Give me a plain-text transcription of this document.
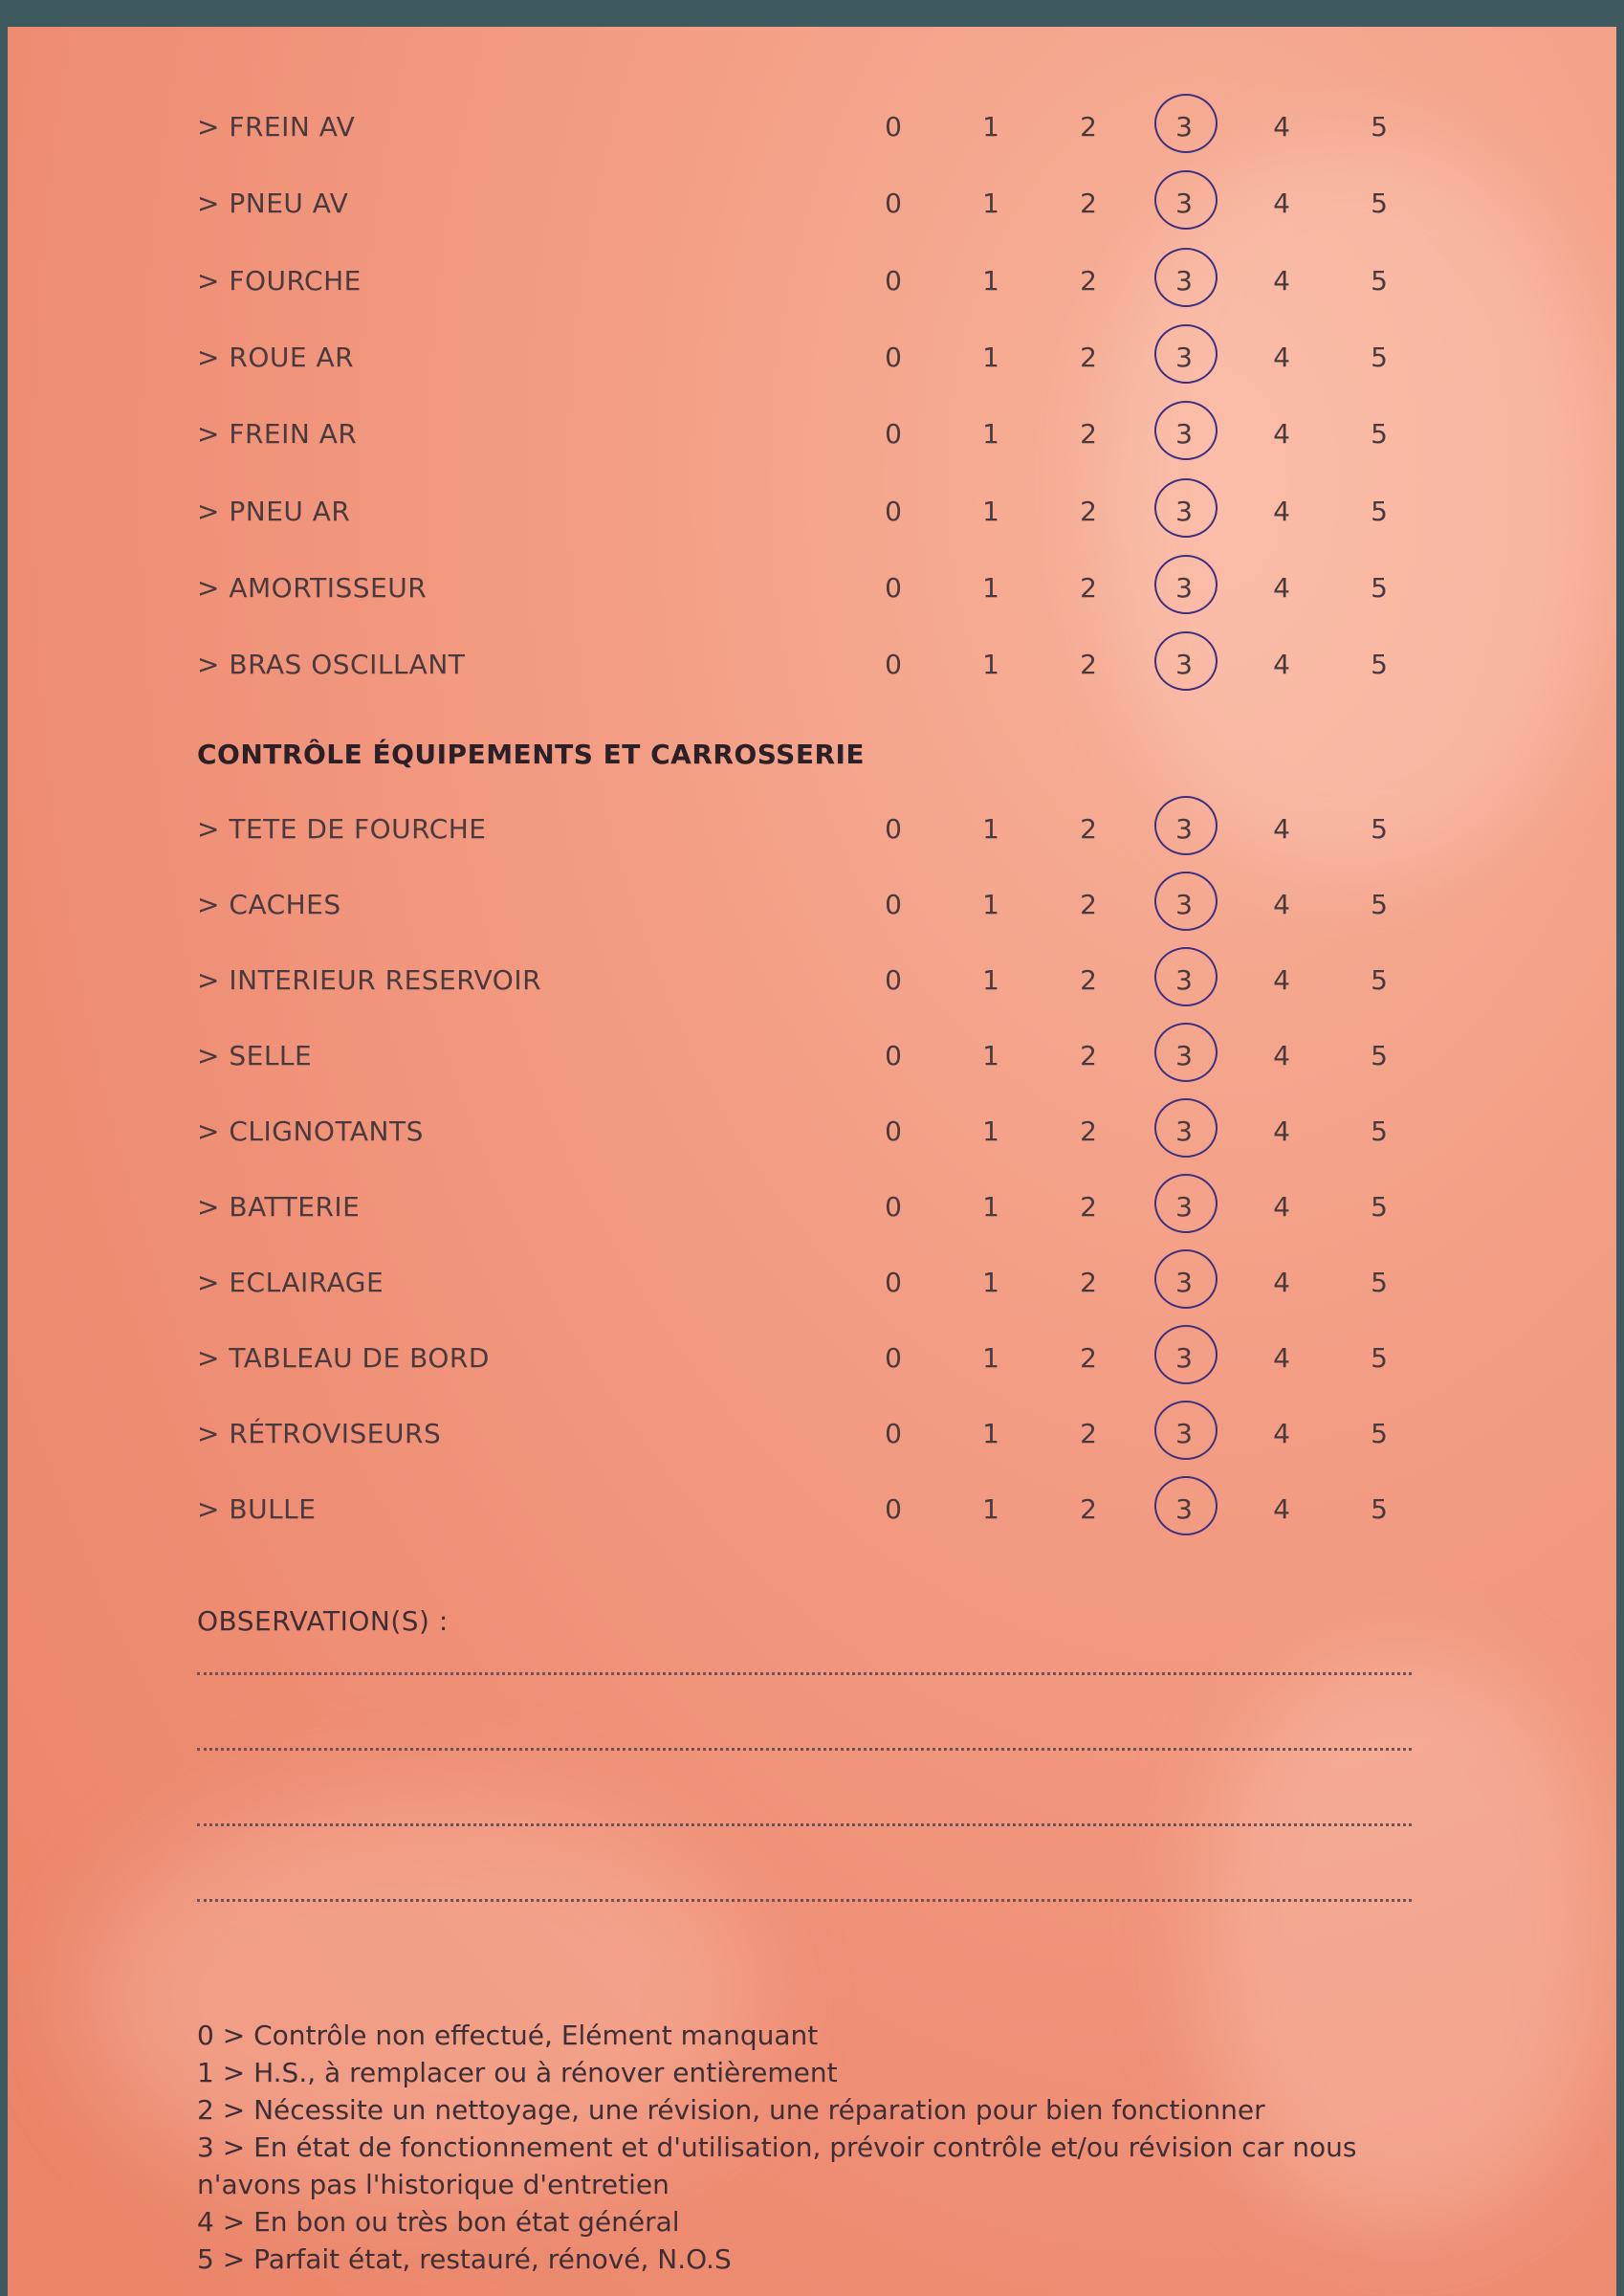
> FREIN AV	0	1	2	3	4	5
> PNEU AV	0	1	2	3	4	5
> FOURCHE	0	1	2	3	4	5
> ROUE AR	0	1	2	3	4	5
> FREIN AR	0	1	2	3	4	5
> PNEU AR	0	1	2	3	4	5
> AMORTISSEUR	0	1	2	3	4	5
> BRAS OSCILLANT	0	1	2	3	4	5
CONTRÔLE ÉQUIPEMENTS ET CARROSSERIE
> TETE DE FOURCHE	0	1	2	3	4	5
> CACHES	0	1	2	3	4	5
> INTERIEUR RESERVOIR	0	1	2	3	4	5
> SELLE	0	1	2	3	4	5
> CLIGNOTANTS	0	1	2	3	4	5
> BATTERIE	0	1	2	3	4	5
> ECLAIRAGE	0	1	2	3	4	5
> TABLEAU DE BORD	0	1	2	3	4	5
> RÉTROVISEURS	0	1	2	3	4	5
> BULLE	0	1	2	3	4	5
OBSERVATION(S) :
0 > Contrôle non effectué, Elément manquant
1 > H.S., à remplacer ou à rénover entièrement
2 > Nécessite un nettoyage, une révision, une réparation pour bien fonctionner
3 > En état de fonctionnement et d'utilisation, prévoir contrôle et/ou révision car nous
n'avons pas l'historique d'entretien
4 > En bon ou très bon état général
5 > Parfait état, restauré, rénové, N.O.S
